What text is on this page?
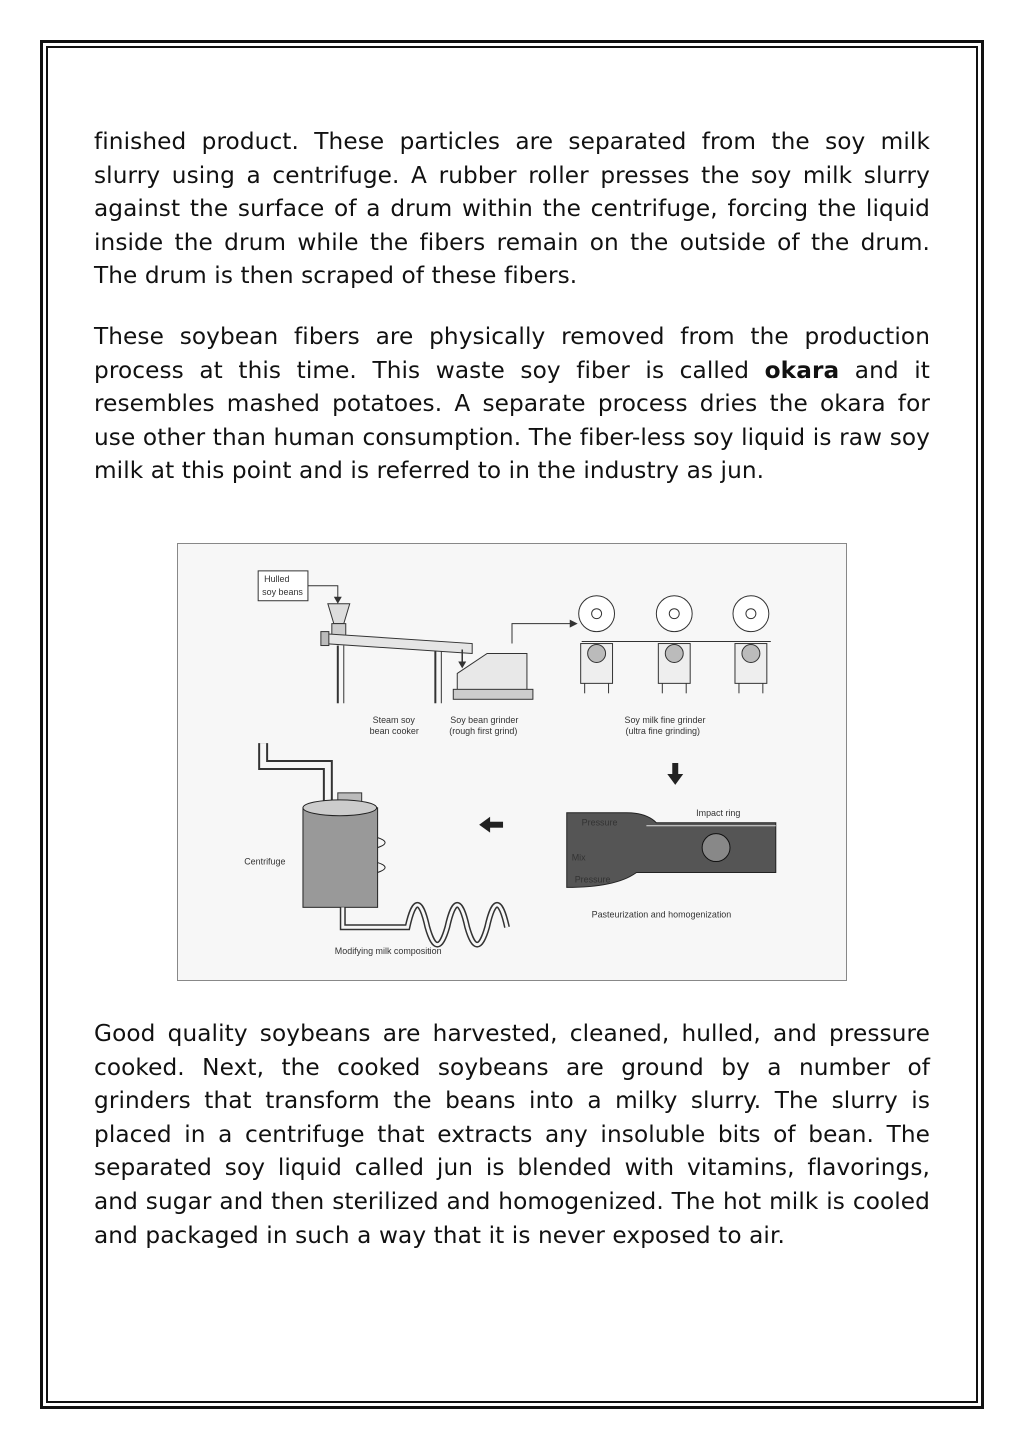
finished product. These particles are separated from the soy milk slurry using a centrifuge. A rubber roller presses the soy milk slurry against the surface of a drum within the centrifuge, forcing the liquid inside the drum while the fibers remain on the outside of the drum. The drum is then scraped of these fibers.
These soybean fibers are physically removed from the production process at this time. This waste soy fiber is called okara and it resembles mashed potatoes. A separate process dries the okara for use other than human consumption. The fiber-less soy liquid is raw soy milk at this point and is referred to in the industry as jun.
Hulled
soy beans
Steam soy
bean cooker
Soy bean grinder
(rough first grind)
Soy milk fine grinder
(ultra fine grinding)
Pressure
Impact ring
Mix
Pressure
Pasteurization and homogenization
Centrifuge
Modifying milk composition
Good quality soybeans are harvested, cleaned, hulled, and pressure cooked. Next, the cooked soybeans are ground by a number of grinders that transform the beans into a milky slurry. The slurry is placed in a centrifuge that extracts any insoluble bits of bean. The separated soy liquid called jun is blended with vitamins, flavorings, and sugar and then sterilized and homogenized. The hot milk is cooled and packaged in such a way that it is never exposed to air.
